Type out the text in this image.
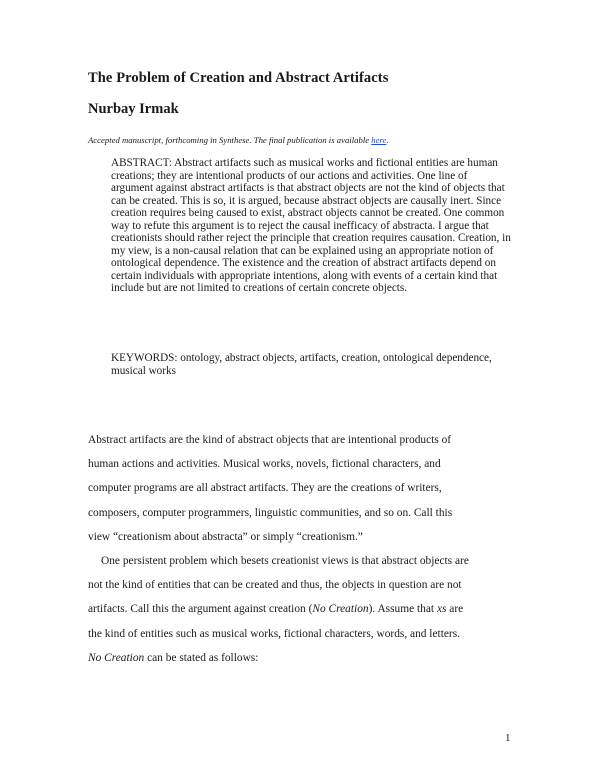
The Problem of Creation and Abstract Artifacts
Nurbay Irmak
Accepted manuscript, forthcoming in Synthese. The final publication is available here.
ABSTRACT: Abstract artifacts such as musical works and fictional entities are human creations; they are intentional products of our actions and activities. One line of argument against abstract artifacts is that abstract objects are not the kind of objects that can be created. This is so, it is argued, because abstract objects are causally inert. Since creation requires being caused to exist, abstract objects cannot be created. One common way to refute this argument is to reject the causal inefficacy of abstracta. I argue that creationists should rather reject the principle that creation requires causation. Creation, in my view, is a non-causal relation that can be explained using an appropriate notion of ontological dependence. The existence and the creation of abstract artifacts depend on certain individuals with appropriate intentions, along with events of a certain kind that include but are not limited to creations of certain concrete objects.
KEYWORDS: ontology, abstract objects, artifacts, creation, ontological dependence, musical works
Abstract artifacts are the kind of abstract objects that are intentional products of
human actions and activities. Musical works, novels, fictional characters, and
computer programs are all abstract artifacts. They are the creations of writers,
composers, computer programmers, linguistic communities, and so on. Call this
view “creationism about abstracta” or simply “creationism.”
One persistent problem which besets creationist views is that abstract objects are
not the kind of entities that can be created and thus, the objects in question are not
artifacts. Call this the argument against creation (No Creation). Assume that xs are
the kind of entities such as musical works, fictional characters, words, and letters.
No Creation can be stated as follows:
1
